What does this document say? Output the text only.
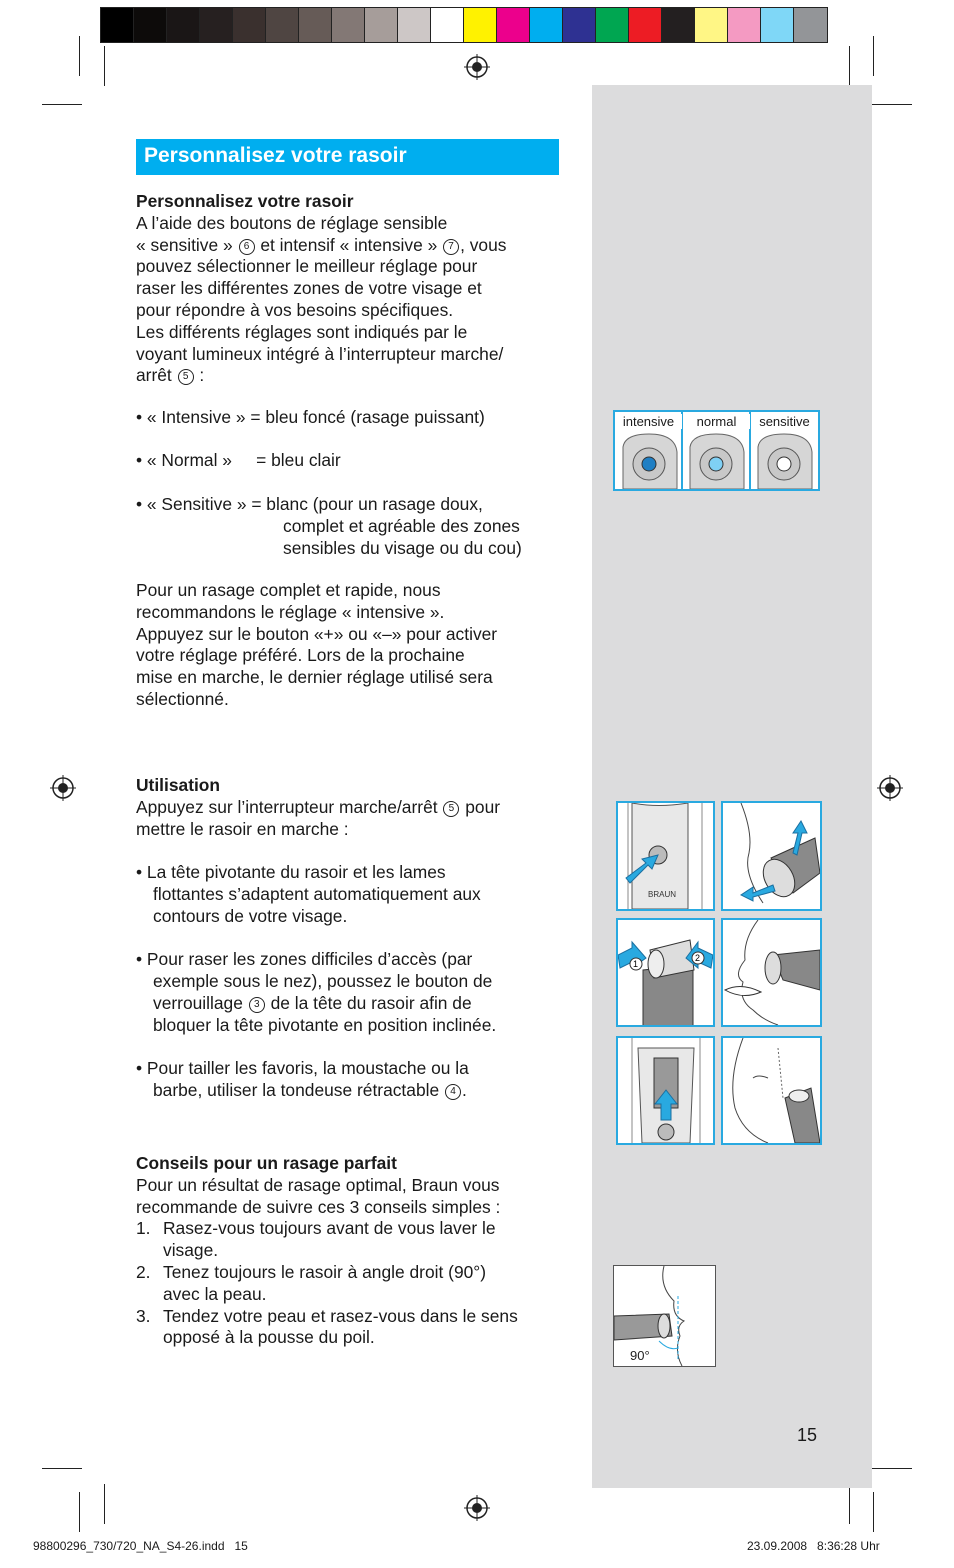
Personnalisez votre rasoir
Personnalisez votre rasoir
A l’aide des boutons de réglage sensible
« sensitive » 6 et intensif « intensive » 7 , vous
pouvez sélectionner le meilleur réglage pour
raser les différentes zones de votre visage et
pour répondre à vos besoins spécifiques.
Les différents réglages sont indiqués par le
voyant lumineux intégré à l’interrupteur marche/
arrêt 5 :
• « Intensive » = bleu foncé (rasage puissant)
• « Normal »     = bleu clair
• « Sensitive » = blanc (pour un rasage doux,
complet et agréable des zones
sensibles du visage ou du cou)
Pour un rasage complet et rapide, nous
recommandons le réglage « intensive ».
Appuyez sur le bouton «+» ou «–» pour activer
votre réglage préféré. Lors de la prochaine
mise en marche, le dernier réglage utilisé sera
sélectionné.
Utilisation
Appuyez sur l’interrupteur marche/arrêt 5 pour
mettre le rasoir en marche :
• La tête pivotante du rasoir et les lames
flottantes s’adaptent automatiquement aux
contours de votre visage.
• Pour raser les zones difficiles d’accès (par
exemple sous le nez), poussez le bouton de
verrouillage 3 de la tête du rasoir afin de
bloquer la tête pivotante en position inclinée.
• Pour tailler les favoris, la moustache ou la
barbe, utiliser la tondeuse rétractable 4 .
Conseils pour un rasage parfait
Pour un résultat de rasage optimal, Braun vous
recommande de suivre ces 3 conseils simples :
1. Rasez-vous toujours avant de vous laver le
visage.
2. Tenez toujours le rasoir à angle droit (90°)
avec la peau.
3. Tendez votre peau et rasez-vous dans le sens
opposé à la pousse du poil.
intensive	normal	sensitive
BRAUN
1
2
90°
15
98800296_730/720_NA_S4-26.indd   15	23.09.2008   8:36:28 Uhr
